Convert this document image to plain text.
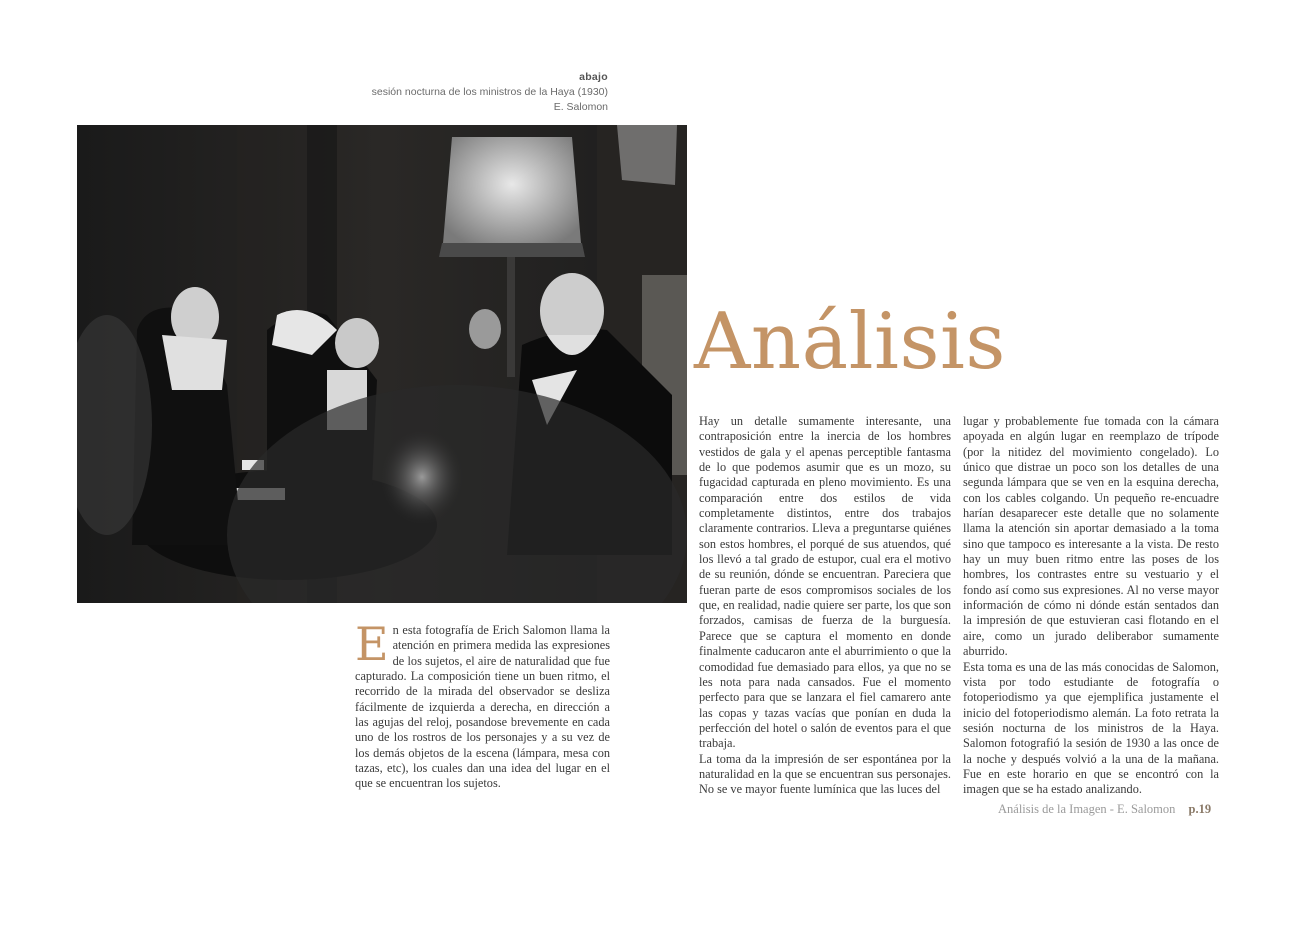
abajo
sesión nocturna de los ministros de la Haya (1930)
E. Salomon
Análisis

En esta fotografía de Erich Salomon llama la atención en primera medida las expresiones de los sujetos, el aire de naturalidad que fue capturado. La composición tiene un buen ritmo, el recorrido de la mirada del observador se desliza fácilmente de izquierda a derecha, en dirección a las agujas del reloj, posandose brevemente en cada uno de los rostros de los personajes y a su vez de los demás objetos de la escena (lámpara, mesa con tazas, etc), los cuales dan una idea del lugar en el que se encuentran los sujetos.

Hay un detalle sumamente interesante, una contraposición entre la inercia de los hombres vestidos de gala y el apenas perceptible fantasma de lo que podemos asumir que es un mozo, su fugacidad capturada en pleno movimiento. Es una comparación entre dos estilos de vida completamente distintos, entre dos trabajos claramente contrarios. Lleva a preguntarse quiénes son estos hombres, el porqué de sus atuendos, qué los llevó a tal grado de estupor, cual era el motivo de su reunión, dónde se encuentran. Pareciera que fueran parte de esos compromisos sociales de los que, en realidad, nadie quiere ser parte, los que son forzados, camisas de fuerza de la burguesía. Parece que se captura el momento en donde finalmente caducaron ante el aburrimiento o que la comodidad fue demasiado para ellos, ya que no se les nota para nada cansados. Fue el momento perfecto para que se lanzara el fiel camarero ante las copas y tazas vacías que ponían en duda la perfección del hotel o salón de eventos para el que trabaja.

La toma da la impresión de ser espontánea por la naturalidad en la que se encuentran sus personajes. No se ve mayor fuente lumínica que las luces del

lugar y probablemente fue tomada con la cámara apoyada en algún lugar en reemplazo de trípode (por la nitidez del movimiento congelado). Lo único que distrae un poco son los detalles de una segunda lámpara que se ven en la esquina derecha, con los cables colgando. Un pequeño re-encuadre harían desaparecer este detalle que no solamente llama la atención sin aportar demasiado a la toma sino que tampoco es interesante a la vista. De resto hay un muy buen ritmo entre las poses de los hombres, los contrastes entre su vestuario y el fondo así como sus expresiones. Al no verse mayor información de cómo ni dónde están sentados dan la impresión de que estuvieran casi flotando en el aire, como un jurado deliberabor sumamente aburrido.

Esta toma es una de las más conocidas de Salomon, vista por todo estudiante de fotografía o fotoperiodismo ya que ejemplifica justamente el inicio del fotoperiodismo alemán. La foto retrata la sesión nocturna de los ministros de la Haya. Salomon fotografió la sesión de 1930 a las once de la noche y después volvió a la una de la mañana. Fue en este horario en que se encontró con la imagen que se ha estado analizando.

Análisis de la Imagen - E. Salomon p.19
